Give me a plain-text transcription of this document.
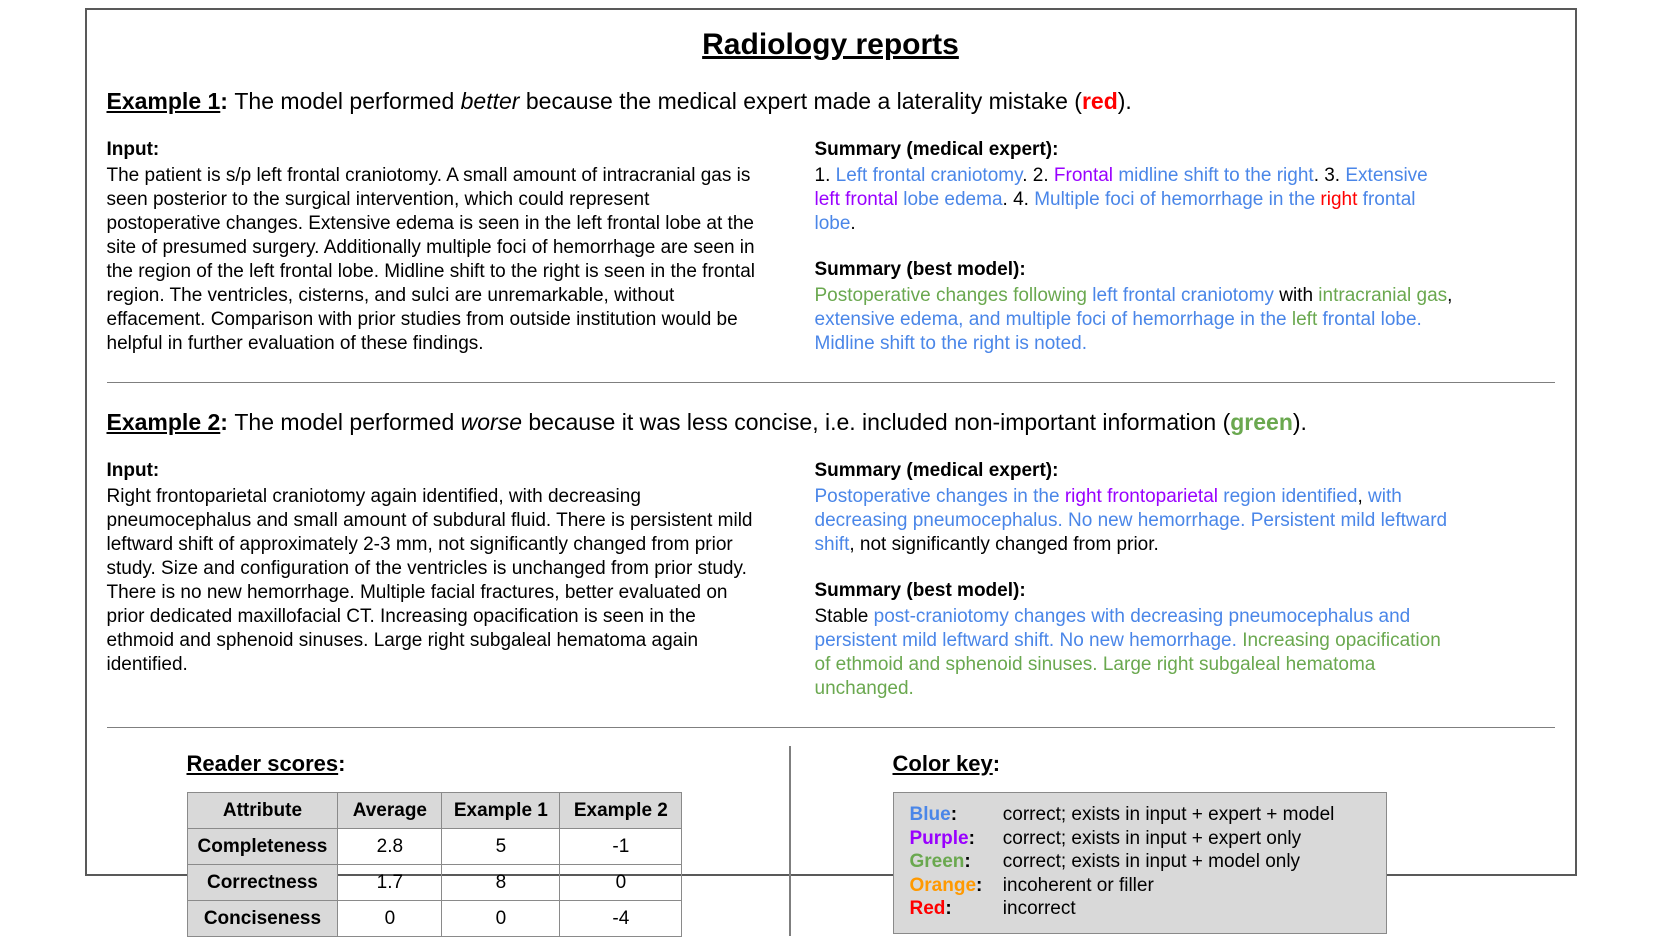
Radiology reports

Example 1: The model performed better because the medical expert made a laterality mistake (red).

Input:

The patient is s/p left frontal craniotomy. A small amount of intracranial gas is seen posterior to the surgical intervention, which could represent postoperative changes. Extensive edema is seen in the left frontal lobe at the site of presumed surgery. Additionally multiple foci of hemorrhage are seen in the region of the left frontal lobe. Midline shift to the right is seen in the frontal region. The ventricles, cisterns, and sulci are unremarkable, without effacement. Comparison with prior studies from outside institution would be helpful in further evaluation of these findings.

Summary (medical expert):

1. Left frontal craniotomy. 2. Frontal midline shift to the right. 3. Extensive left frontal lobe edema. 4. Multiple foci of hemorrhage in the right frontal lobe.

Summary (best model):

Postoperative changes following left frontal craniotomy with intracranial gas, extensive edema, and multiple foci of hemorrhage in the left frontal lobe. Midline shift to the right is noted.

Example 2: The model performed worse because it was less concise, i.e. included non-important information (green).

Input:

Right frontoparietal craniotomy again identified, with decreasing pneumocephalus and small amount of subdural fluid. There is persistent mild leftward shift of approximately 2-3 mm, not significantly changed from prior study. Size and configuration of the ventricles is unchanged from prior study. There is no new hemorrhage. Multiple facial fractures, better evaluated on prior dedicated maxillofacial CT. Increasing opacification is seen in the ethmoid and sphenoid sinuses. Large right subgaleal hematoma again identified.

Summary (medical expert):

Postoperative changes in the right frontoparietal region identified, with decreasing pneumocephalus. No new hemorrhage. Persistent mild leftward shift, not significantly changed from prior.

Summary (best model):

Stable post-craniotomy changes with decreasing pneumocephalus and persistent mild leftward shift. No new hemorrhage. Increasing opacification of ethmoid and sphenoid sinuses. Large right subgaleal hematoma unchanged.

Reader scores:

Attribute	Average	Example 1	Example 2
Completeness	2.8	5	-1
Correctness	1.7	8	0
Conciseness	0	0	-4

Color key:

Blue: correct; exists in input + expert + model
Purple: correct; exists in input + expert only
Green: correct; exists in input + model only
Orange: incoherent or filler
Red:	incorrect
